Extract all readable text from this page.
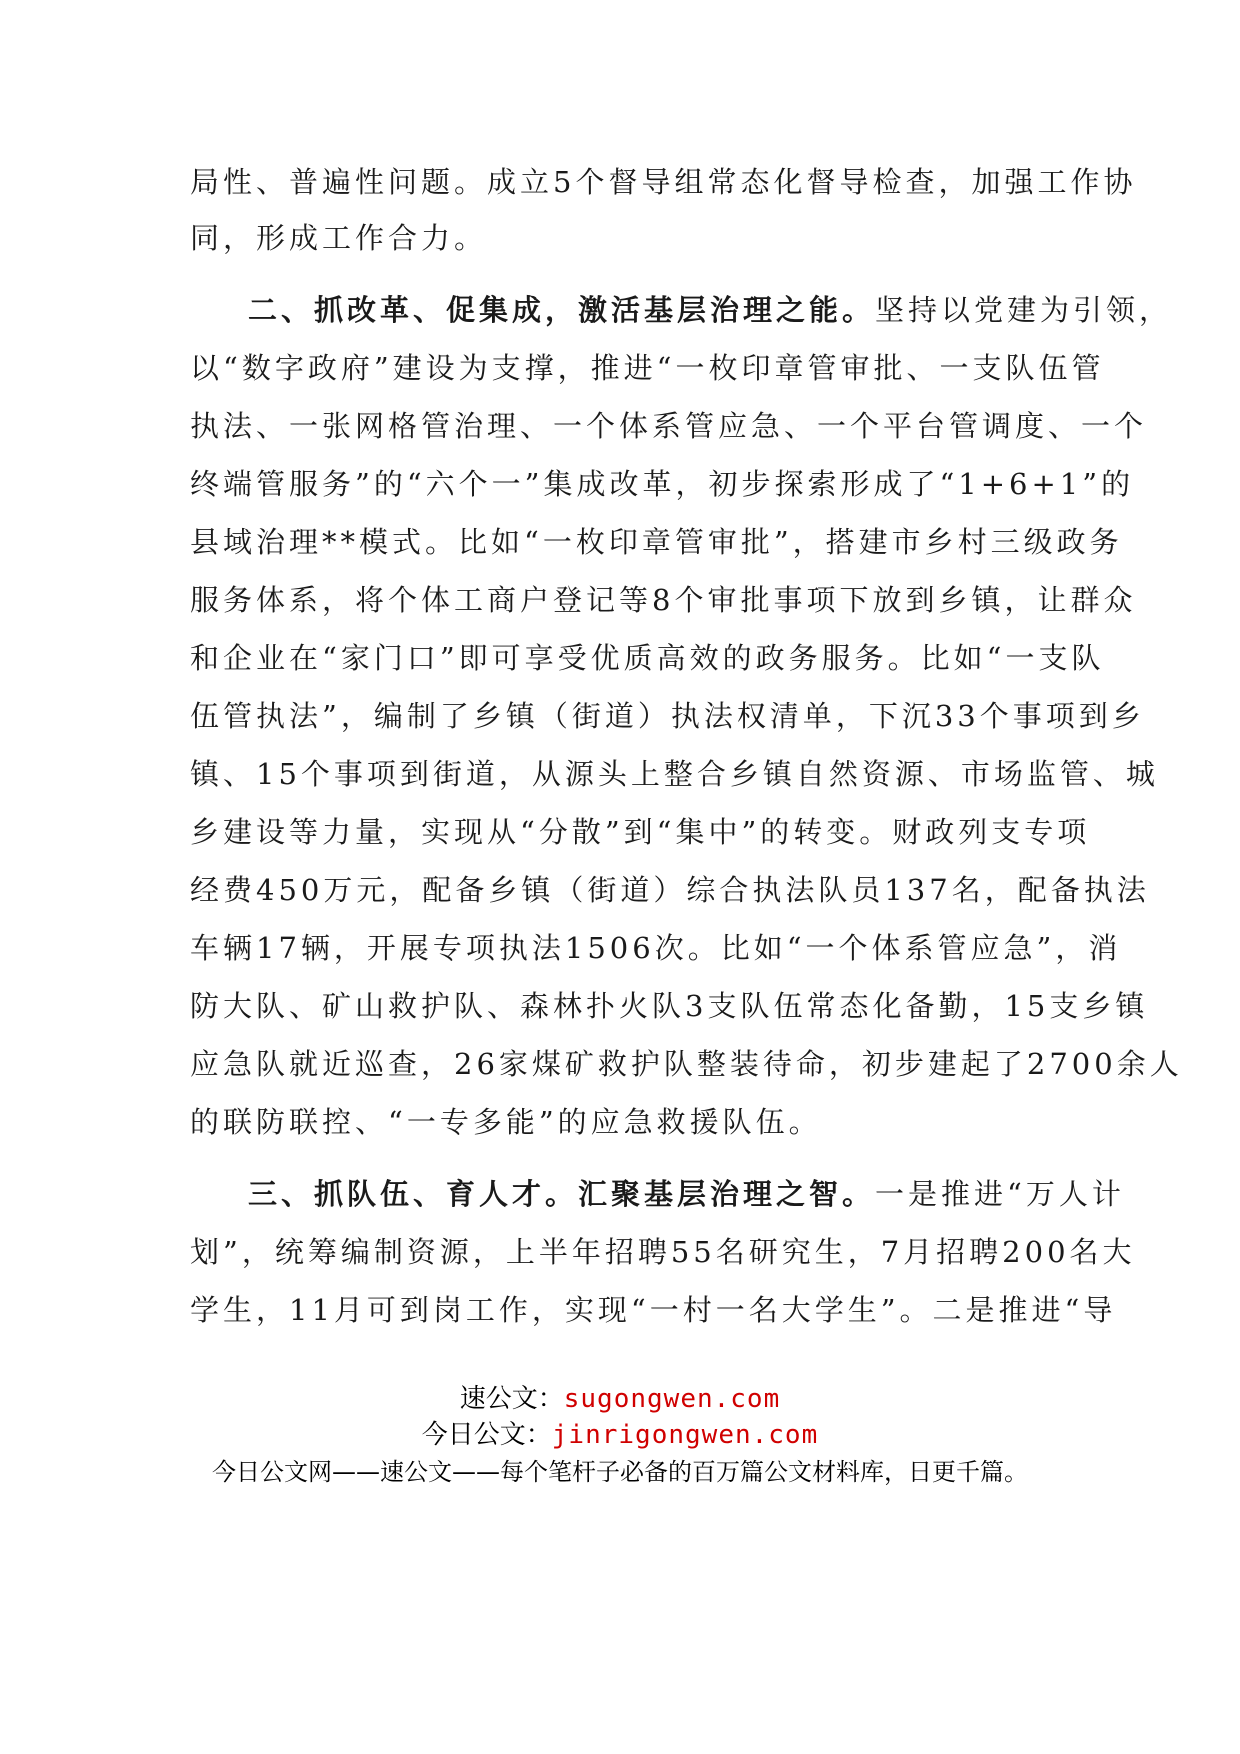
局性、普遍性问题。成立5个督导组常态化督导检查，加强工作协
同，形成工作合力。
二、抓改革、促集成，激活基层治理之能。坚持以党建为引领，
以“数字政府”建设为支撑，推进“一枚印章管审批、一支队伍管
执法、一张网格管治理、一个体系管应急、一个平台管调度、一个
终端管服务”的“六个一”集成改革，初步探索形成了“1+6+1”的
县域治理**模式。比如“一枚印章管审批”，搭建市乡村三级政务
服务体系，将个体工商户登记等8个审批事项下放到乡镇，让群众
和企业在“家门口”即可享受优质高效的政务服务。比如“一支队
伍管执法”，编制了乡镇（街道）执法权清单，下沉33个事项到乡
镇、15个事项到街道，从源头上整合乡镇自然资源、市场监管、城
乡建设等力量，实现从“分散”到“集中”的转变。财政列支专项
经费450万元，配备乡镇（街道）综合执法队员137名，配备执法
车辆17辆，开展专项执法1506次。比如“一个体系管应急”，消
防大队、矿山救护队、森林扑火队3支队伍常态化备勤，15支乡镇
应急队就近巡查，26家煤矿救护队整装待命，初步建起了2700余人
的联防联控、“一专多能”的应急救援队伍。
三、抓队伍、育人才。汇聚基层治理之智。一是推进“万人计
划”，统筹编制资源，上半年招聘55名研究生，7月招聘200名大
学生，11月可到岗工作，实现“一村一名大学生”。二是推进“导
速公文：sugongwen.com
今日公文：jinrigongwen.com
今日公文网——速公文——每个笔杆子必备的百万篇公文材料库，日更千篇。
